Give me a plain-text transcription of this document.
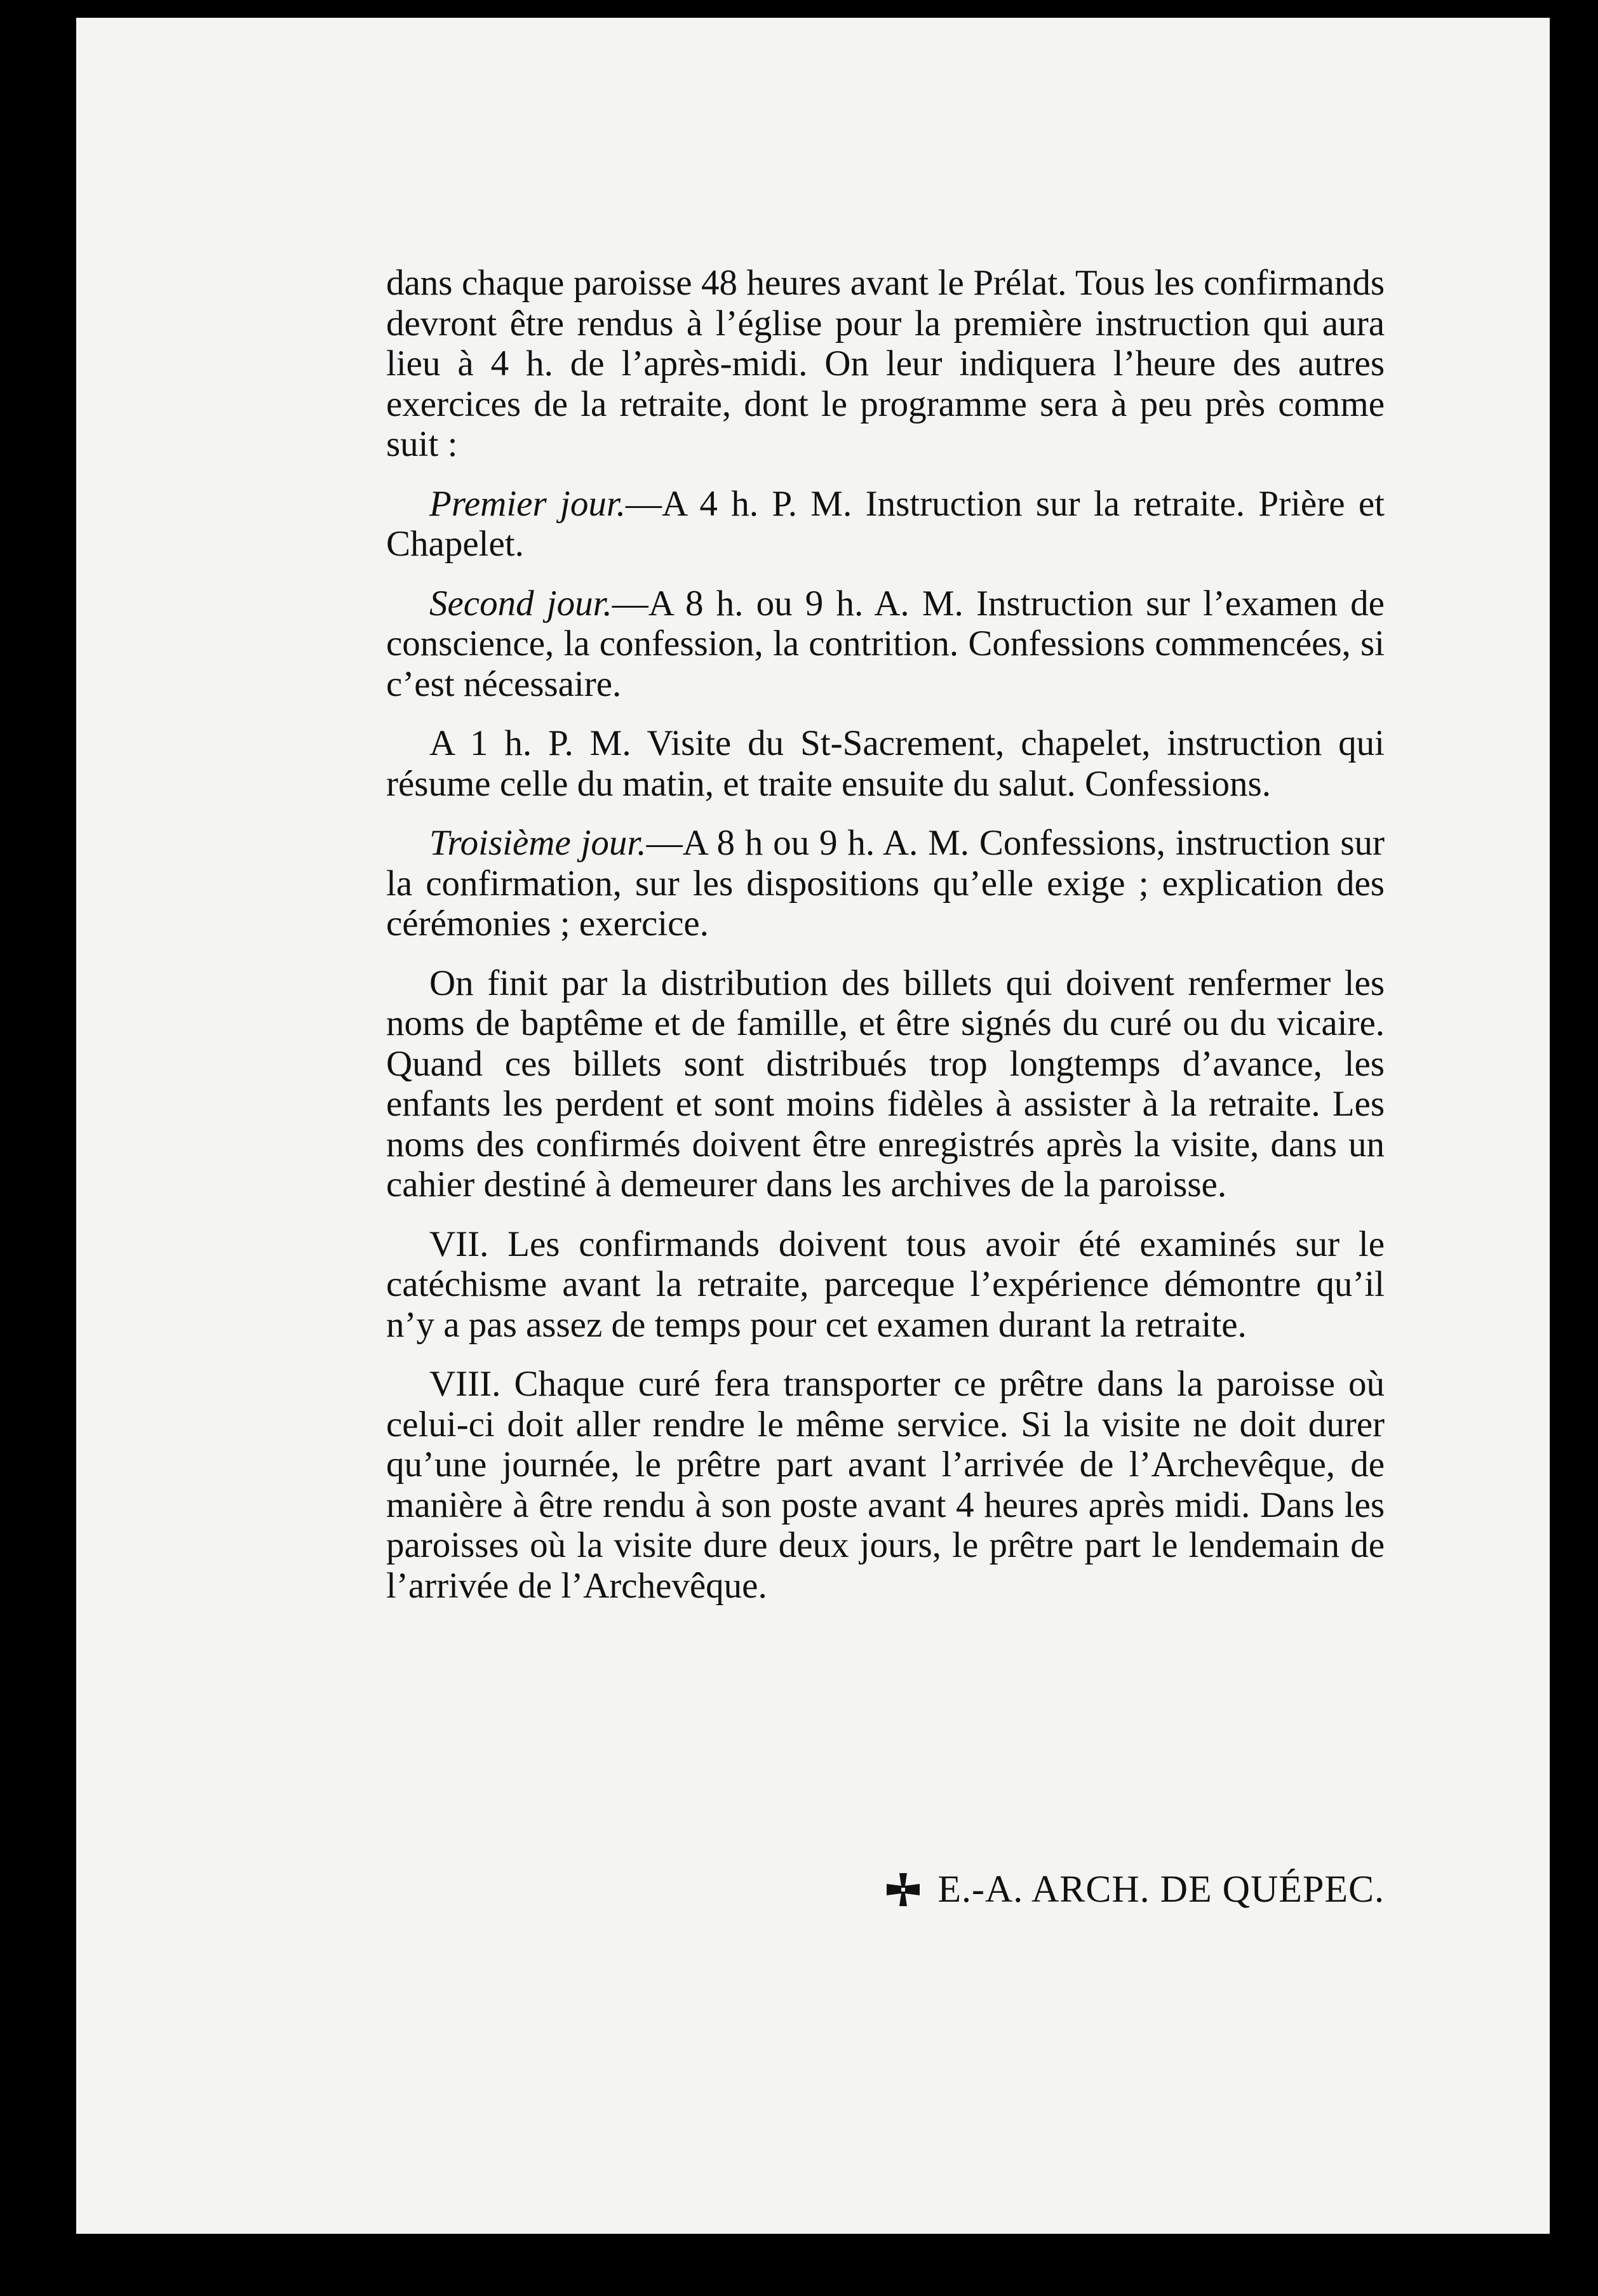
dans chaque paroisse 48 heures avant le Prélat. Tous les confirmands devront être rendus à l’église pour la première instruction qui aura lieu à 4 h. de l’après-midi. On leur indiquera l’heure des autres exercices de la retraite, dont le programme sera à peu près comme suit :

Premier jour.—A 4 h. P. M. Instruction sur la retraite. Prière et Chapelet.

Second jour.—A 8 h. ou 9 h. A. M. Instruction sur l’examen de conscience, la confession, la contrition. Confessions commencées, si c’est nécessaire.

A 1 h. P. M. Visite du St-Sacrement, chapelet, instruction qui résume celle du matin, et traite ensuite du salut. Confessions.

Troisième jour.—A 8 h ou 9 h. A. M. Confessions, instruction sur la confirmation, sur les dispositions qu’elle exige ; explication des cérémonies ; exercice.

On finit par la distribution des billets qui doivent renfermer les noms de baptême et de famille, et être signés du curé ou du vicaire. Quand ces billets sont distribués trop longtemps d’avance, les enfants les perdent et sont moins fidèles à assister à la retraite. Les noms des confirmés doivent être enregistrés après la visite, dans un cahier destiné à demeurer dans les archives de la paroisse.

VII. Les confirmands doivent tous avoir été examinés sur le catéchisme avant la retraite, parceque l’expérience démontre qu’il n’y a pas assez de temps pour cet examen durant la retraite.

VIII. Chaque curé fera transporter ce prêtre dans la paroisse où celui-ci doit aller rendre le même service. Si la visite ne doit durer qu’une journée, le prêtre part avant l’arrivée de l’Archevêque, de manière à être rendu à son poste avant 4 heures après midi. Dans les paroisses où la visite dure deux jours, le prêtre part le lendemain de l’arrivée de l’Archevêque.

E.-A. ARCH. DE QUÉPEC.
